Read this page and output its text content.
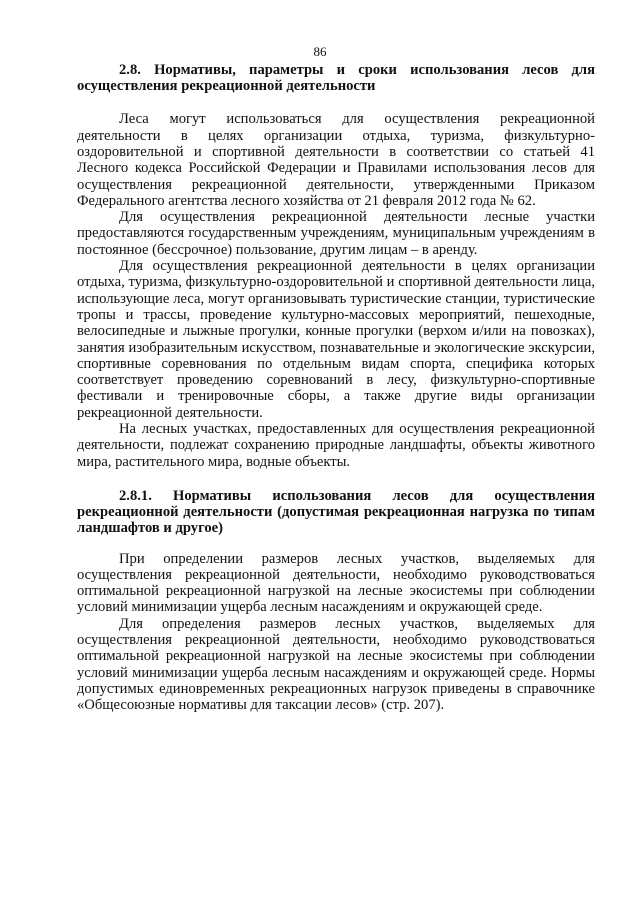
86

2.8. Нормативы, параметры и сроки использования лесов для осуществления рекреационной деятельности

Леса могут использоваться для осуществления рекреационной деятельности в целях организации отдыха, туризма, физкультурно-оздоровительной и спортивной деятельности в соответствии со статьей 41 Лесного кодекса Российской Федерации и Правилами использования лесов для осуществления рекреационной деятельности, утвержденными Приказом Федерального агентства лесного хозяйства от 21 февраля 2012 года № 62.

Для осуществления рекреационной деятельности лесные участки предоставляются государственным учреждениям, муниципальным учреждениям в постоянное (бессрочное) пользование, другим лицам – в аренду.

Для осуществления рекреационной деятельности в целях организации отдыха, туризма, физкультурно-оздоровительной и спортивной деятельности лица, использующие леса, могут организовывать туристические станции, туристические тропы и трассы, проведение культурно-массовых мероприятий, пешеходные, велосипедные и лыжные прогулки, конные прогулки (верхом и/или на повозках), занятия изобразительным искусством, познавательные и экологические экскурсии, спортивные соревнования по отдельным видам спорта, специфика которых соответствует проведению соревнований в лесу, физкультурно-спортивные фестивали и тренировочные сборы, а также другие виды организации рекреационной деятельности.

На лесных участках, предоставленных для осуществления рекреационной деятельности, подлежат сохранению природные ландшафты, объекты животного мира, растительного мира, водные объекты.

2.8.1. Нормативы использования лесов для осуществления рекреационной деятельности (допустимая рекреационная нагрузка по типам ландшафтов и другое)

При определении размеров лесных участков, выделяемых для осуществления рекреационной деятельности, необходимо руководствоваться оптимальной рекреационной нагрузкой на лесные экосистемы при соблюдении условий минимизации ущерба лесным насаждениям и окружающей среде.

Для определения размеров лесных участков, выделяемых для осуществления рекреационной деятельности, необходимо руководствоваться оптимальной рекреационной нагрузкой на лесные экосистемы при соблюдении условий минимизации ущерба лесным насаждениям и окружающей среде. Нормы допустимых единовременных рекреационных нагрузок приведены в справочнике «Общесоюзные нормативы для таксации лесов» (стр. 207).
